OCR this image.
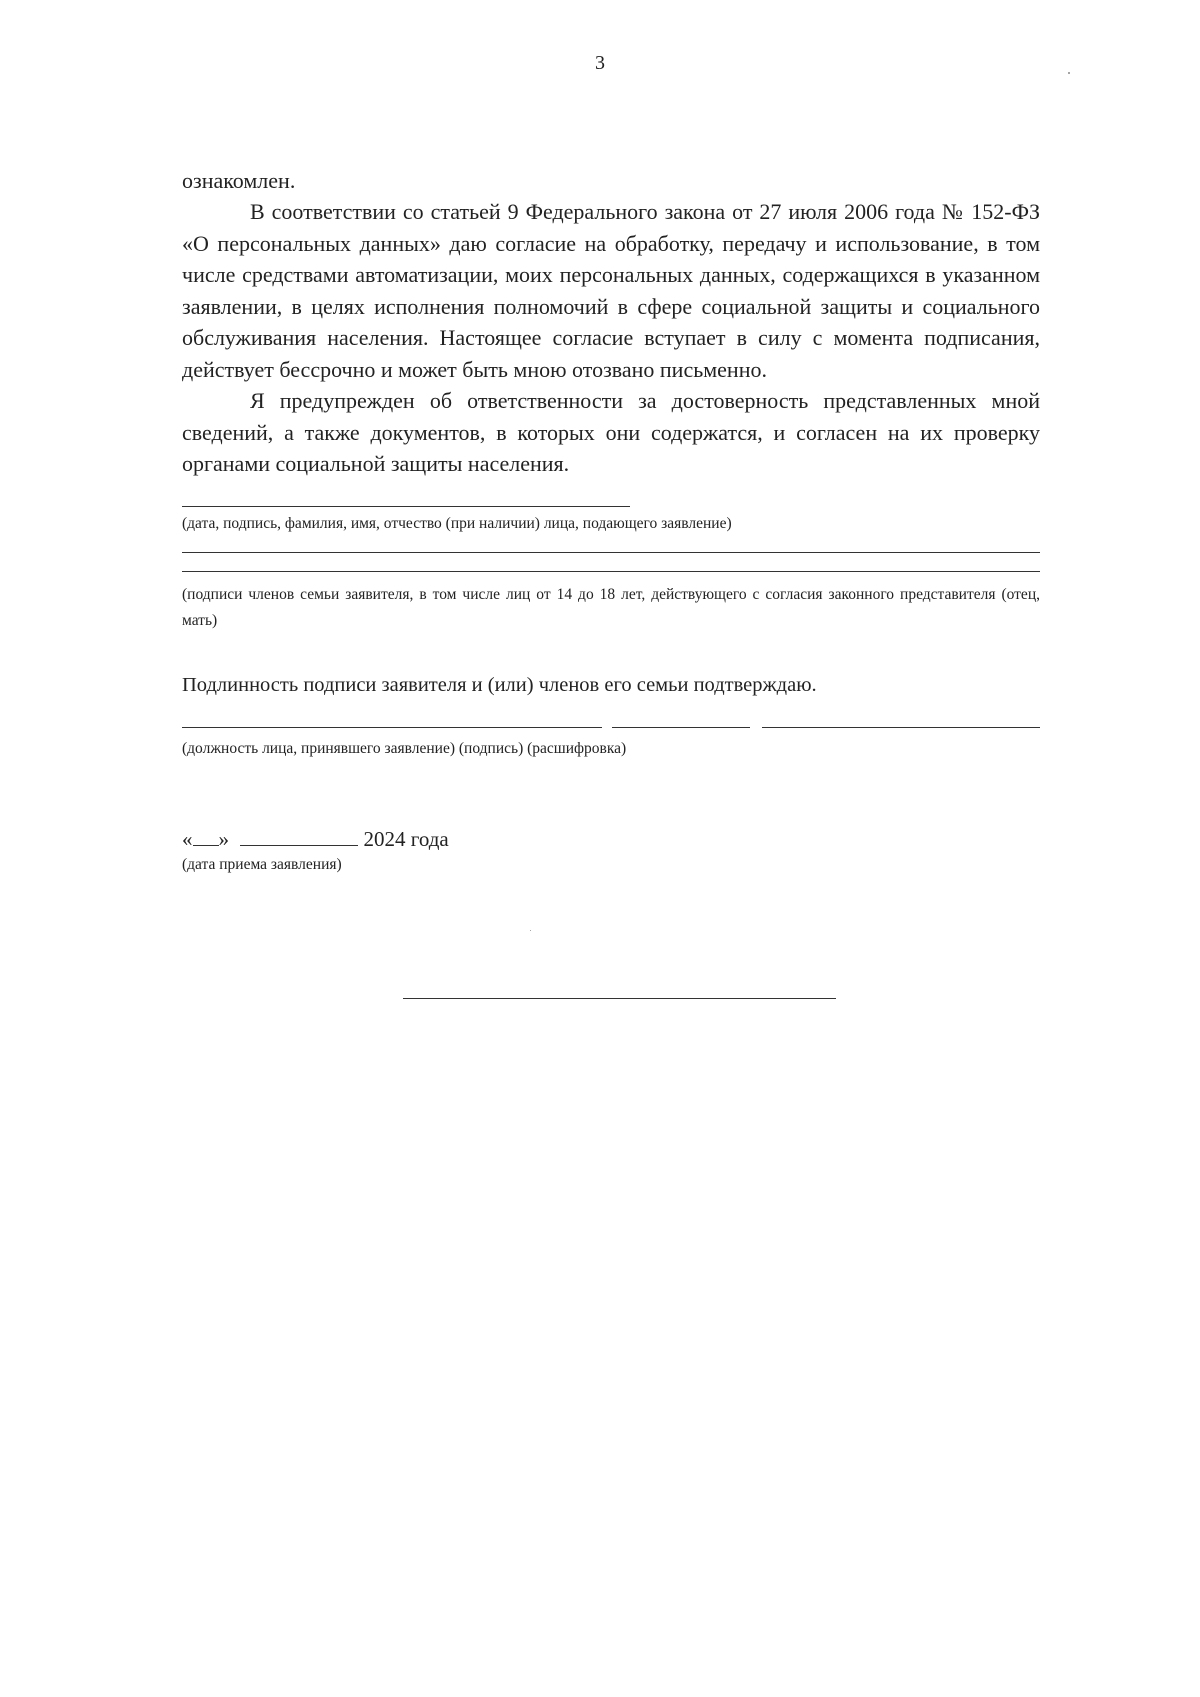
3

ознакомлен.

В соответствии со статьей 9 Федерального закона от 27 июля 2006 года № 152-ФЗ «О персональных данных» даю согласие на обработку, передачу и использование, в том числе средствами автоматизации, моих персональных данных, содержащихся в указанном заявлении, в целях исполнения полномочий в сфере социальной защиты и социального обслуживания населения. Настоящее согласие вступает в силу с момента подписания, действует бессрочно и может быть мною отозвано письменно.

Я предупрежден об ответственности за достоверность представленных мной сведений, а также документов, в которых они содержатся, и согласен на их проверку органами социальной защиты населения.

(дата, подпись, фамилия, имя, отчество (при наличии) лица, подающего заявление)

(подписи членов семьи заявителя, в том числе лиц от 14 до 18 лет, действующего с согласия законного представителя (отец, мать)

Подлинность подписи заявителя и (или) членов его семьи подтверждаю.

(должность лица, принявшего заявление) (подпись) (расшифровка)

« »	2024 года

(дата приема заявления)
